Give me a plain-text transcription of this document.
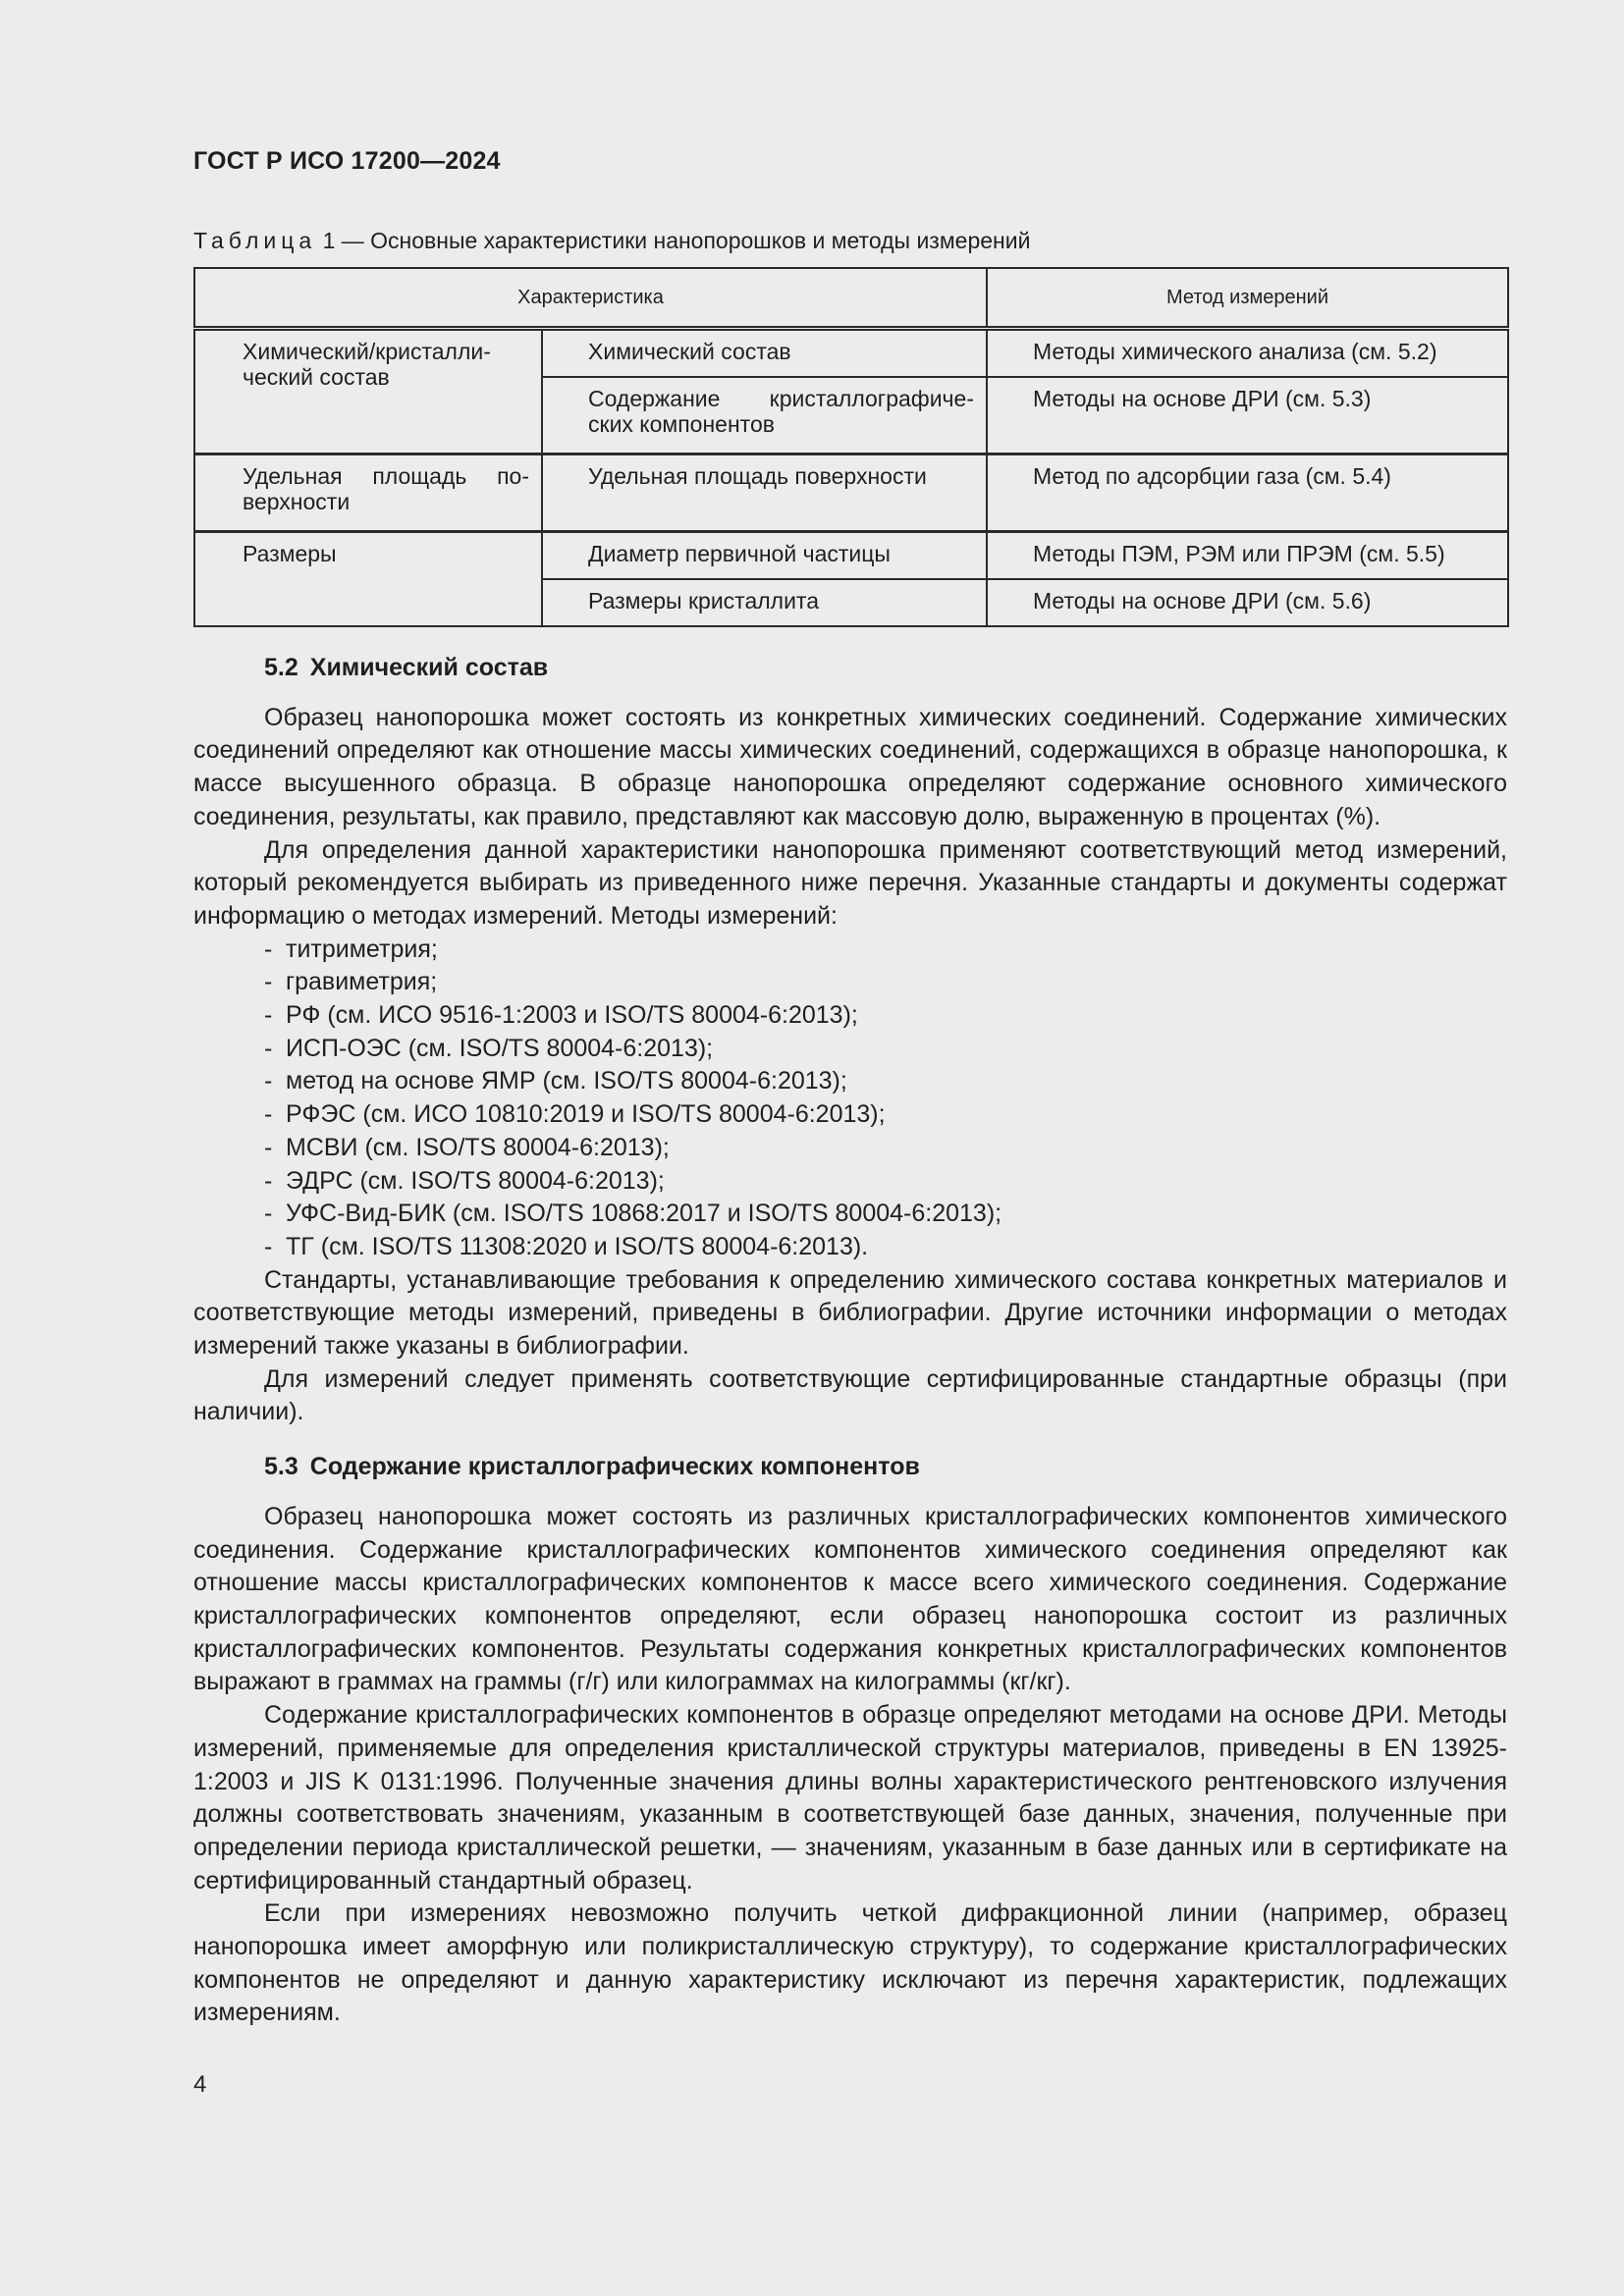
ГОСТ Р ИСО 17200—2024
Таблица 1 — Основные характеристики нанопорошков и методы измерений
Характеристика		Метод измерений

Химический/кристалли-ческий состав	Химический состав	Методы химического анализа (см. 5.2)

	Содержание кристаллографиче-ских компонентов	Методы на основе ДРИ (см. 5.3)

Удельная площадь по-верхности	Удельная площадь поверхности	Метод по адсорбции газа (см. 5.4)

Размеры	Диаметр первичной частицы	Методы ПЭМ, РЭМ или ПРЭМ (см. 5.5)

	Размеры кристаллита	Методы на основе ДРИ (см. 5.6)
5.2 Химический состав

Образец нанопорошка может состоять из конкретных химических соединений. Содержание химических соединений определяют как отношение массы химических соединений, содержащихся в образце нанопорошка, к массе высушенного образца. В образце нанопорошка определяют содержание основного химического соединения, результаты, как правило, представляют как массовую долю, выраженную в процентах (%).

Для определения данной характеристики нанопорошка применяют соответствующий метод измерений, который рекомендуется выбирать из приведенного ниже перечня. Указанные стандарты и документы содержат информацию о методах измерений. Методы измерений:

- титриметрия;
- гравиметрия;
- РФ (см. ИСО 9516-1:2003 и ISO/TS 80004-6:2013);
- ИСП-ОЭС (см. ISO/TS 80004-6:2013);
- метод на основе ЯМР (см. ISO/TS 80004-6:2013);
- РФЭС (см. ИСО 10810:2019 и ISO/TS 80004-6:2013);
- МСВИ (см. ISO/TS 80004-6:2013);
- ЭДРС (см. ISO/TS 80004-6:2013);
- УФС-Вид-БИК (см. ISO/TS 10868:2017 и ISO/TS 80004-6:2013);
- ТГ (см. ISO/TS 11308:2020 и ISO/TS 80004-6:2013).

Стандарты, устанавливающие требования к определению химического состава конкретных материалов и соответствующие методы измерений, приведены в библиографии. Другие источники информации о методах измерений также указаны в библиографии.

Для измерений следует применять соответствующие сертифицированные стандартные образцы (при наличии).

5.3 Содержание кристаллографических компонентов

Образец нанопорошка может состоять из различных кристаллографических компонентов химического соединения. Содержание кристаллографических компонентов химического соединения определяют как отношение массы кристаллографических компонентов к массе всего химического соединения. Содержание кристаллографических компонентов определяют, если образец нанопорошка состоит из различных кристаллографических компонентов. Результаты содержания конкретных кристаллографических компонентов выражают в граммах на граммы (г/г) или килограммах на килограммы (кг/кг).

Содержание кристаллографических компонентов в образце определяют методами на основе ДРИ. Методы измерений, применяемые для определения кристаллической структуры материалов, приведены в EN 13925-1:2003 и JIS K 0131:1996. Полученные значения длины волны характеристического рентгеновского излучения должны соответствовать значениям, указанным в соответствующей базе данных, значения, полученные при определении периода кристаллической решетки, — значениям, указанным в базе данных или в сертификате на сертифицированный стандартный образец.

Если при измерениях невозможно получить четкой дифракционной линии (например, образец нанопорошка имеет аморфную или поликристаллическую структуру), то содержание кристаллографических компонентов не определяют и данную характеристику исключают из перечня характеристик, подлежащих измерениям.

4
